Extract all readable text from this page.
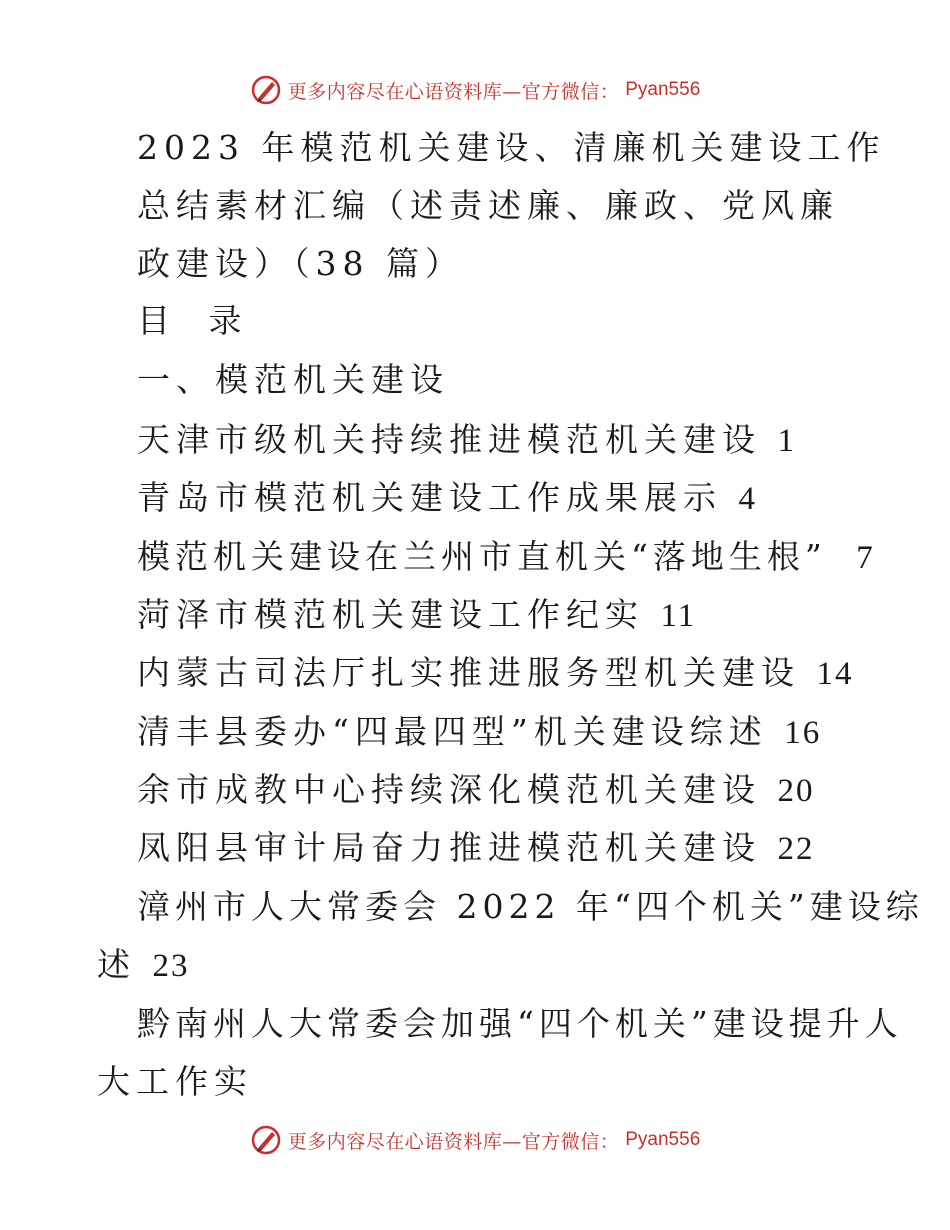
更多内容尽在心语资料库—官方微信： Pyan556
2023 年模范机关建设、清廉机关建设工作
总结素材汇编（述责述廉、廉政、党风廉
政建设）（38 篇）
目 录
一、模范机关建设
天津市级机关持续推进模范机关建设 1
青岛市模范机关建设工作成果展示 4
模范机关建设在兰州市直机关“落地生根” 7
菏泽市模范机关建设工作纪实 11
内蒙古司法厅扎实推进服务型机关建设 14
清丰县委办“四最四型”机关建设综述 16
余市成教中心持续深化模范机关建设 20
凤阳县审计局奋力推进模范机关建设 22
漳州市人大常委会 2022 年“四个机关”建设综
述 23
黔南州人大常委会加强“四个机关”建设提升人
大工作实
更多内容尽在心语资料库—官方微信： Pyan556
